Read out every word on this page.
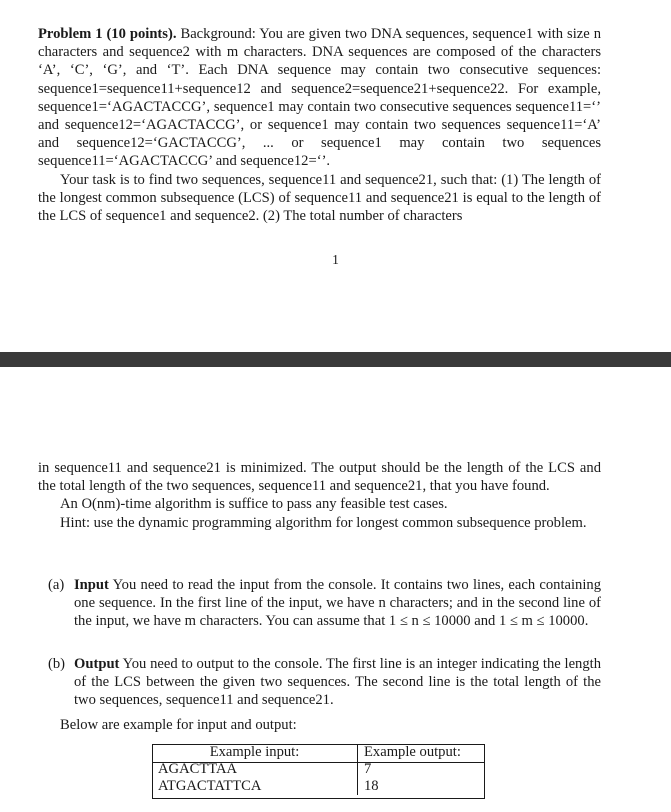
Problem 1 (10 points). Background: You are given two DNA sequences, sequence1 with size n characters and sequence2 with m characters. DNA sequences are composed of the characters ‘A’, ‘C’, ‘G’, and ‘T’. Each DNA sequence may contain two consecutive sequences: sequence1=sequence11+sequence12 and sequence2=sequence21+sequence22. For example, sequence1=‘AGACTACCG’, sequence1 may contain two consecutive sequences sequence11=‘’ and sequence12=‘AGACTACCG’, or sequence1 may contain two sequences sequence11=‘A’ and sequence12=‘GACTACCG’, ... or sequence1 may contain two sequences sequence11=‘AGACTACCG’ and sequence12=‘’.
Your task is to find two sequences, sequence11 and sequence21, such that: (1) The length of the longest common subsequence (LCS) of sequence11 and sequence21 is equal to the length of the LCS of sequence1 and sequence2. (2) The total number of characters
1
in sequence11 and sequence21 is minimized. The output should be the length of the LCS and the total length of the two sequences, sequence11 and sequence21, that you have found.
An O(nm)-time algorithm is suffice to pass any feasible test cases.
Hint: use the dynamic programming algorithm for longest common subsequence problem.
(a) Input You need to read the input from the console. It contains two lines, each containing one sequence. In the first line of the input, we have n characters; and in the second line of the input, we have m characters. You can assume that 1 ≤ n ≤ 10000 and 1 ≤ m ≤ 10000.
(b) Output You need to output to the console. The first line is an integer indicating the length of the LCS between the given two sequences. The second line is the total length of the two sequences, sequence11 and sequence21.
Below are example for input and output:
Example input:	Example output:
AGACTTAA	7
ATGACTATTCA	18
